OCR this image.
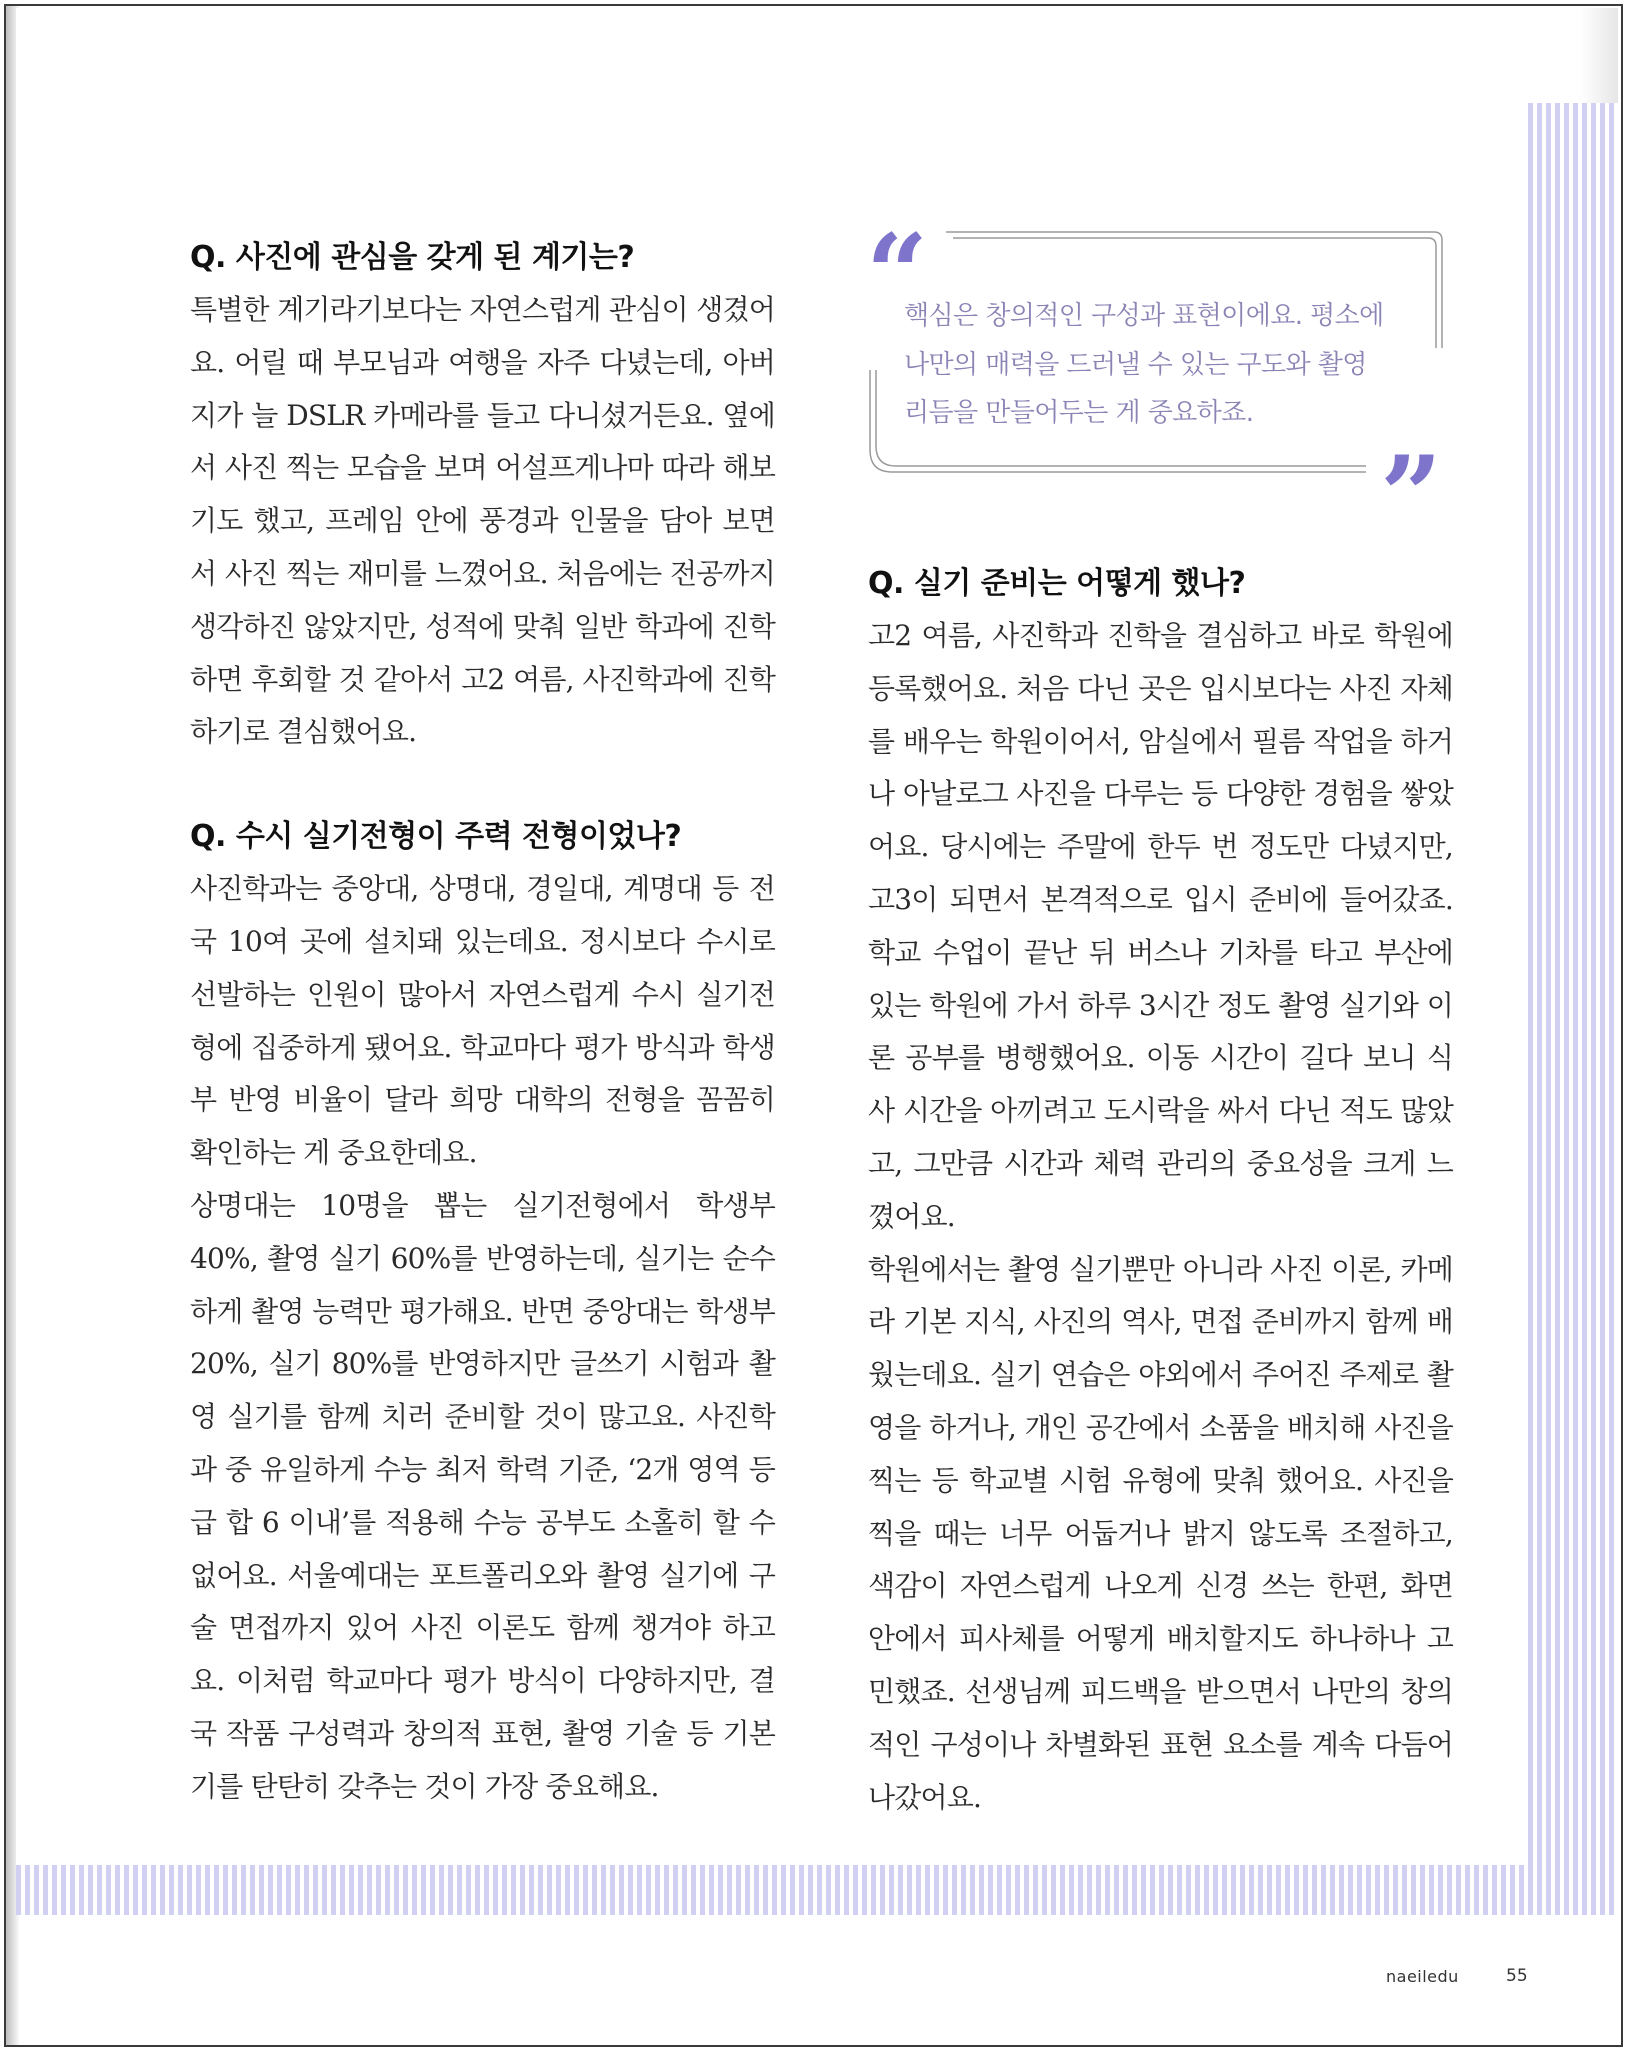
“
핵심은 창의적인 구성과 표현이에요. 평소에
나만의 매력을 드러낼 수 있는 구도와 촬영
리듬을 만들어두는 게 중요하죠.
”
Q. 사진에 관심을 갖게 된 계기는?

특별한 계기라기보다는 자연스럽게 관심이 생겼어요. 어릴 때 부모님과 여행을 자주 다녔는데, 아버지가 늘 DSLR 카메라를 들고 다니셨거든요. 옆에서 사진 찍는 모습을 보며 어설프게나마 따라 해보기도 했고, 프레임 안에 풍경과 인물을 담아 보면서 사진 찍는 재미를 느꼈어요. 처음에는 전공까지 생각하진 않았지만, 성적에 맞춰 일반 학과에 진학하면 후회할 것 같아서 고2 여름, 사진학과에 진학하기로 결심했어요.

Q. 수시 실기전형이 주력 전형이었나?

사진학과는 중앙대, 상명대, 경일대, 계명대 등 전국 10여 곳에 설치돼 있는데요. 정시보다 수시로 선발하는 인원이 많아서 자연스럽게 수시 실기전형에 집중하게 됐어요. 학교마다 평가 방식과 학생부 반영 비율이 달라 희망 대학의 전형을 꼼꼼히 확인하는 게 중요한데요.

상명대는 10명을 뽑는 실기전형에서 학생부 40%, 촬영 실기 60%를 반영하는데, 실기는 순수하게 촬영 능력만 평가해요. 반면 중앙대는 학생부 20%, 실기 80%를 반영하지만 글쓰기 시험과 촬영 실기를 함께 치러 준비할 것이 많고요. 사진학과 중 유일하게 수능 최저 학력 기준, ‘2개 영역 등급 합 6 이내’를 적용해 수능 공부도 소홀히 할 수 없어요. 서울예대는 포트폴리오와 촬영 실기에 구술 면접까지 있어 사진 이론도 함께 챙겨야 하고요. 이처럼 학교마다 평가 방식이 다양하지만, 결국 작품 구성력과 창의적 표현, 촬영 기술 등 기본기를 탄탄히 갖추는 것이 가장 중요해요.

Q. 실기 준비는 어떻게 했나?

고2 여름, 사진학과 진학을 결심하고 바로 학원에 등록했어요. 처음 다닌 곳은 입시보다는 사진 자체를 배우는 학원이어서, 암실에서 필름 작업을 하거나 아날로그 사진을 다루는 등 다양한 경험을 쌓았어요. 당시에는 주말에 한두 번 정도만 다녔지만, 고3이 되면서 본격적으로 입시 준비에 들어갔죠. 학교 수업이 끝난 뒤 버스나 기차를 타고 부산에 있는 학원에 가서 하루 3시간 정도 촬영 실기와 이론 공부를 병행했어요. 이동 시간이 길다 보니 식사 시간을 아끼려고 도시락을 싸서 다닌 적도 많았고, 그만큼 시간과 체력 관리의 중요성을 크게 느꼈어요.

학원에서는 촬영 실기뿐만 아니라 사진 이론, 카메라 기본 지식, 사진의 역사, 면접 준비까지 함께 배웠는데요. 실기 연습은 야외에서 주어진 주제로 촬영을 하거나, 개인 공간에서 소품을 배치해 사진을 찍는 등 학교별 시험 유형에 맞춰 했어요. 사진을 찍을 때는 너무 어둡거나 밝지 않도록 조절하고, 색감이 자연스럽게 나오게 신경 쓰는 한편, 화면 안에서 피사체를 어떻게 배치할지도 하나하나 고민했죠. 선생님께 피드백을 받으면서 나만의 창의적인 구성이나 차별화된 표현 요소를 계속 다듬어나갔어요.

naeiledu	55
